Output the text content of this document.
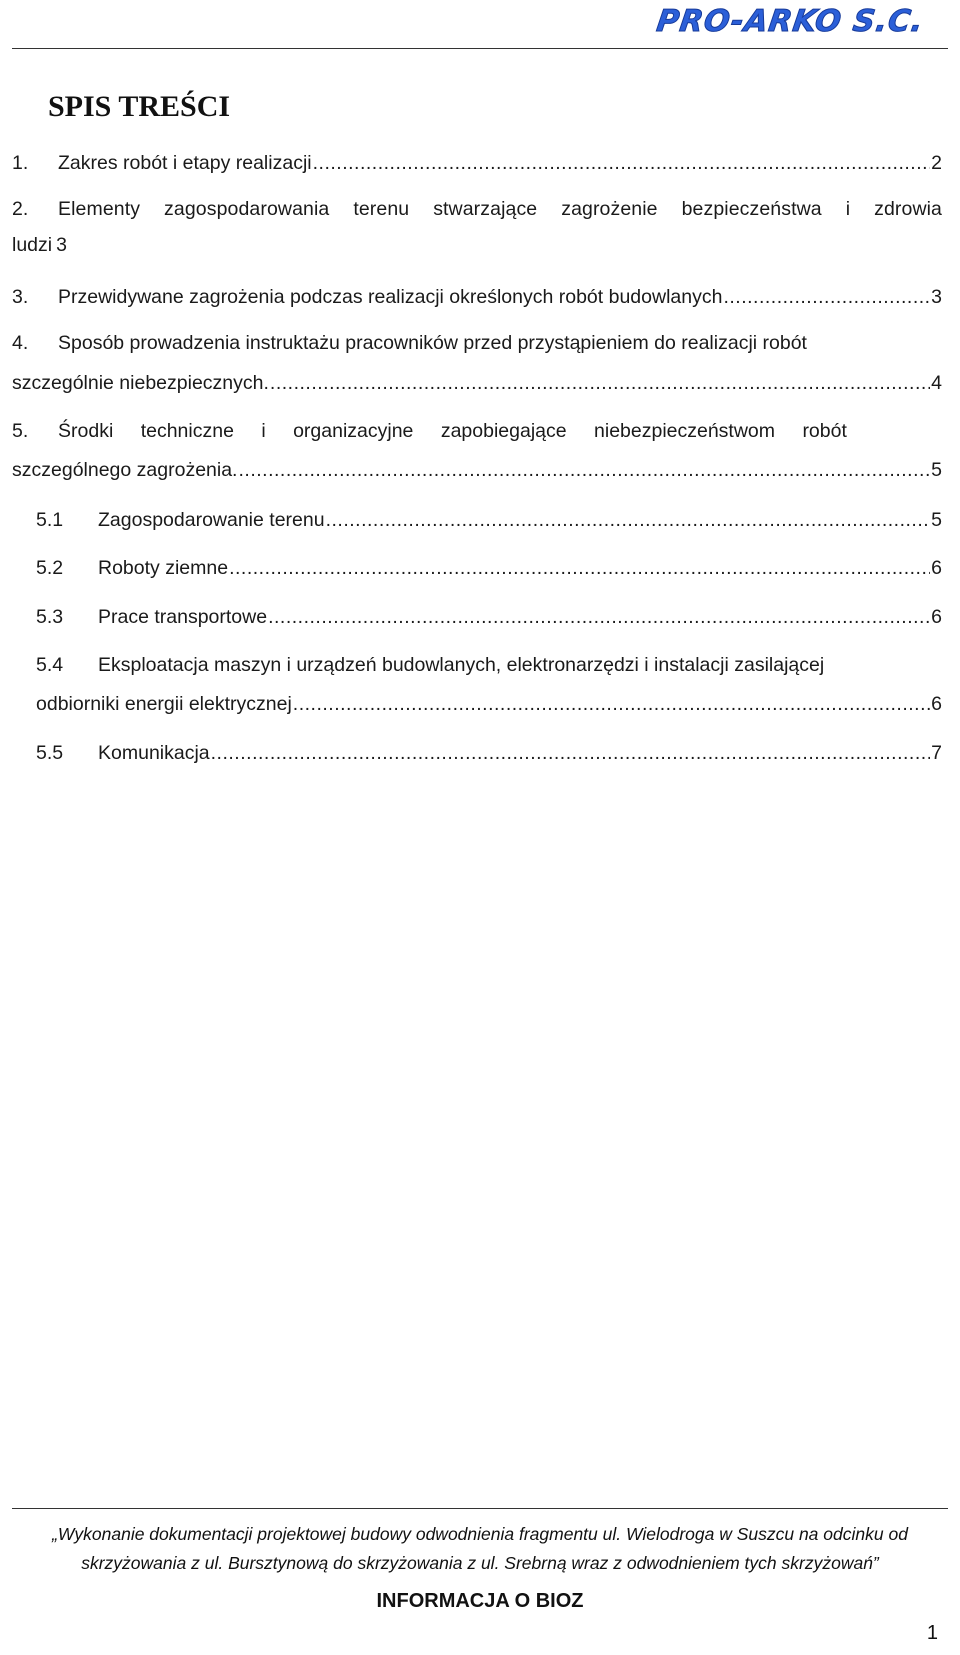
PRO-ARKO S.C.
SPIS TREŚCI
1.	Zakres robót i etapy realizacji .....	2
2.	Elementy zagospodarowania terenu stwarzające zagrożenie bezpieczeństwa i zdrowia
ludzi 3
3.	Przewidywane zagrożenia podczas realizacji określonych robót budowlanych .....	3
4.	Sposób prowadzenia instruktażu pracowników przed przystąpieniem do realizacji robót
szczególnie niebezpiecznych. .....	4
5.	Środki techniczne i organizacyjne zapobiegające niebezpieczeństwom robót
szczególnego zagrożenia. .....	5
5.1	Zagospodarowanie terenu .....	5
5.2	Roboty ziemne .....	6
5.3	Prace transportowe .....	6
5.4	Eksploatacja maszyn i urządzeń budowlanych, elektronarzędzi i instalacji zasilającej
odbiorniki energii elektrycznej .....	6
5.5	Komunikacja .....	7
„Wykonanie dokumentacji projektowej budowy odwodnienia fragmentu ul. Wielodroga w Suszcu na odcinku od
skrzyżowania z ul. Bursztynową do skrzyżowania z ul. Srebrną wraz z odwodnieniem tych skrzyżowań”
INFORMACJA O BIOZ
1
